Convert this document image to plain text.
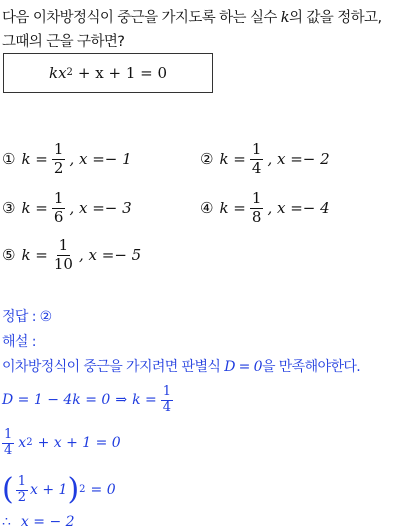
다음 이차방정식이 중근을 가지도록 하는 실수 k의 값을 정하고,
그때의 근을 구하면?
kx 2 + x + 1 = 0
① $k = \frac{1}{2}$ , x =− 1	② $k = \frac{1}{4}$ , x =− 2
③ $k = \frac{1}{6}$ , x =− 3	④ $k = \frac{1}{8}$ , x =− 4
⑤ $k = \frac{1}{10}$ , x =− 5
정답 : ②
해설 :
이차방정식이 중근을 가지려면 판별식 D = 0을 만족해야한다.
D = 1 − 4k = 0 ⇒ $k = \frac{1}{4}$
$\frac{1}{4}$ x 2 + x + 1 = 0
( $\frac{1}{2}$ x + 1 ) 2 = 0
∴ x = − 2
